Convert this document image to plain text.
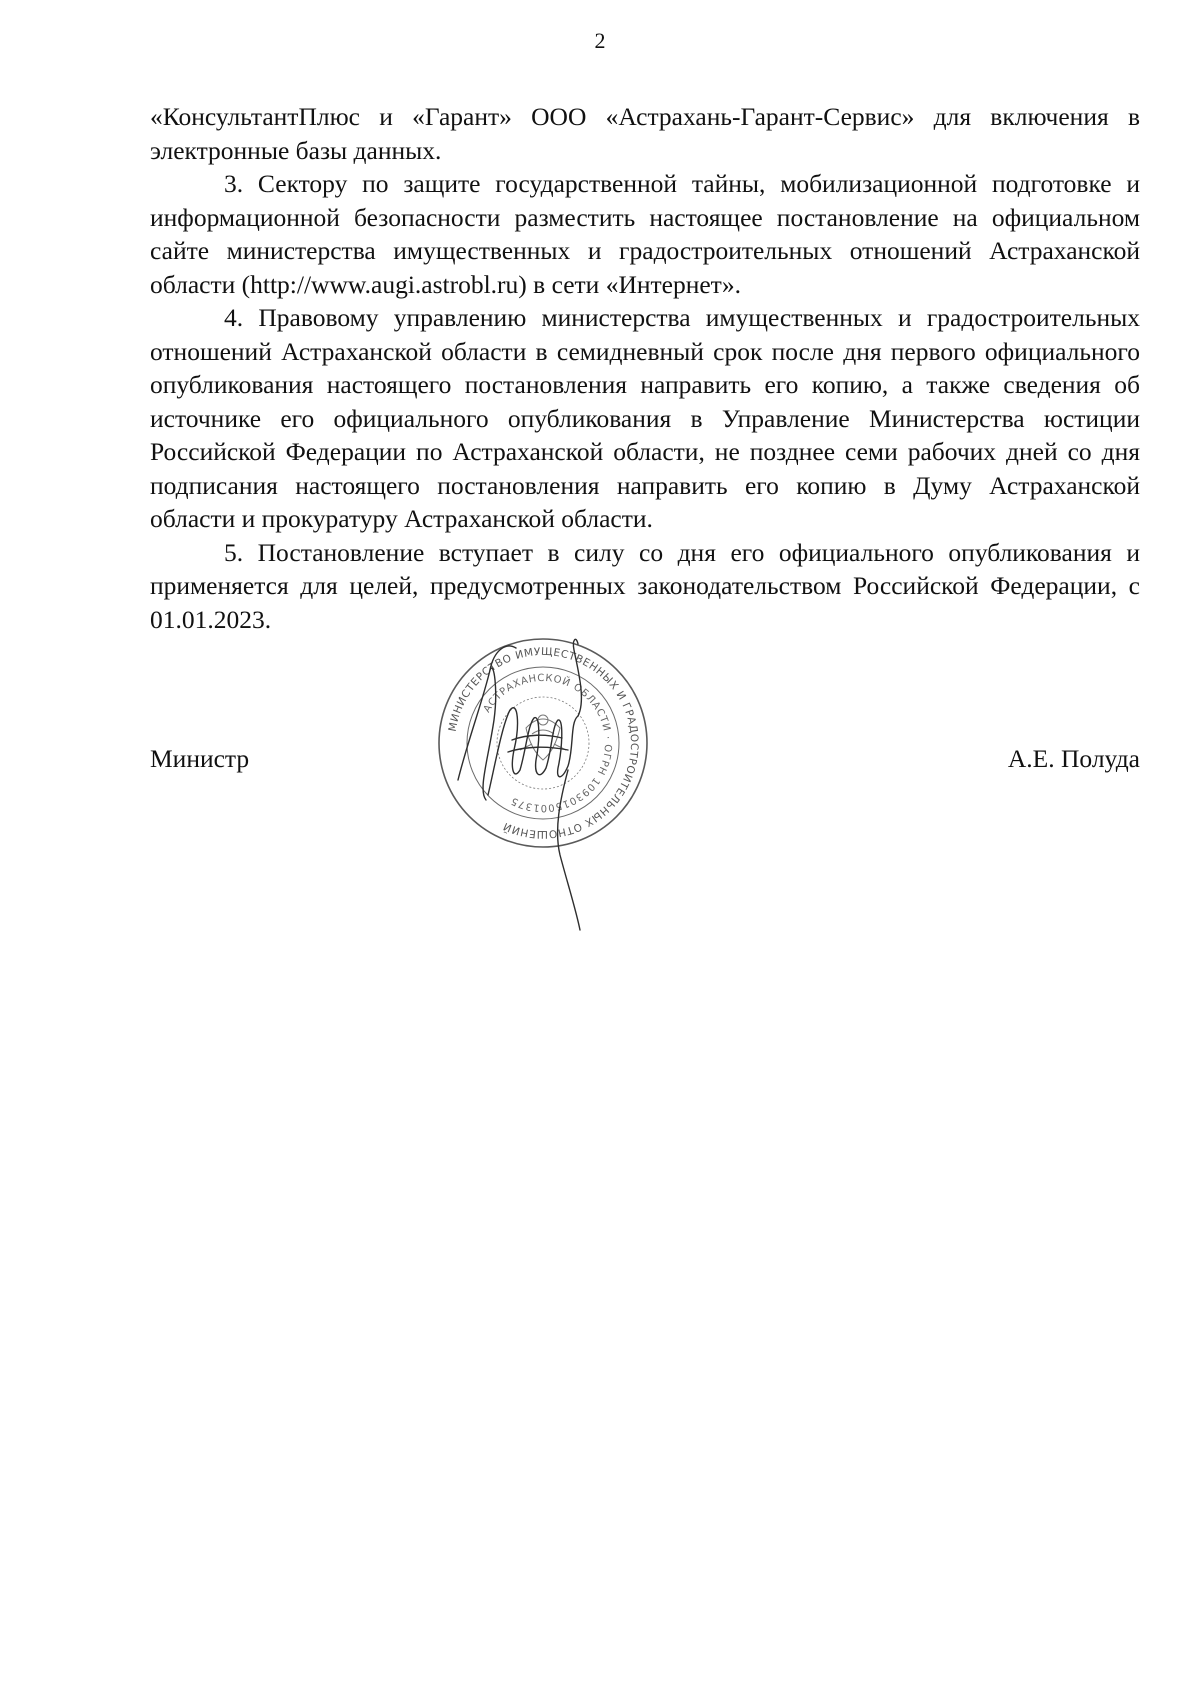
2

«КонсультантПлюс и «Гарант» ООО «Астрахань-Гарант-Сервис» для включения в электронные базы данных.

3. Сектору по защите государственной тайны, мобилизационной подготовке и информационной безопасности разместить настоящее постановление на официальном сайте министерства имущественных и градостроительных отношений Астраханской области (http://www.augi.astrobl.ru) в сети «Интернет».

4. Правовому управлению министерства имущественных и градостроительных отношений Астраханской области в семидневный срок после дня первого официального опубликования настоящего постановления направить его копию, а также сведения об источнике его официального опубликования в Управление Министерства юстиции Российской Федерации по Астраханской области, не позднее семи рабочих дней со дня подписания настоящего постановления направить его копию в Думу Астраханской области и прокуратуру Астраханской области.

5. Постановление вступает в силу со дня его официального опубликования и применяется для целей, предусмотренных законодательством Российской Федерации, с 01.01.2023.

Министр	А.Е. Полуда
МИНИСТЕРСТВО ИМУЩЕСТВЕННЫХ И ГРАДОСТРОИТЕЛЬНЫХ ОТНОШЕНИЙ
АСТРАХАНСКОЙ ОБЛАСТИ · ОГРН 1093015001375
